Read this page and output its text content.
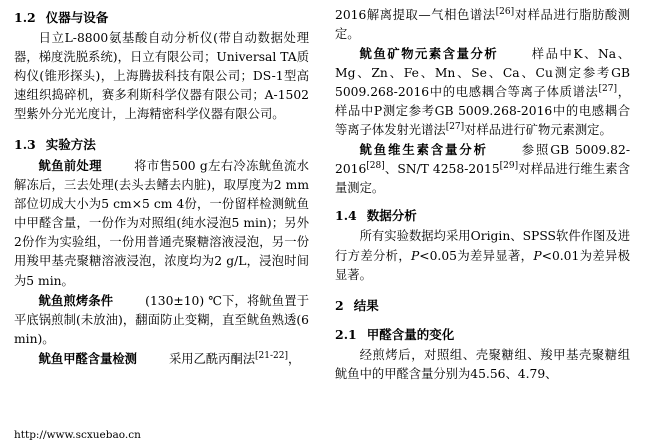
1.2 仪器与设备

日立L-8800氨基酸自动分析仪(带自动数据处理器，梯度洗脱系统)，日立有限公司；Universal TA质构仪(锥形探头)，上海腾拔科技有限公司；DS-1型高速组织捣碎机，赛多利斯科学仪器有限公司；A-1502型紫外分光光度计，上海精密科学仪器有限公司。

1.3 实验方法

鱿鱼前处理	将市售500 g左右冷冻鱿鱼流水解冻后，三去处理(去头去鳍去内脏)，取厚度为2 mm部位切成大小为5 cm×5 cm 4份，一份留样检测鱿鱼中甲醛含量，一份作为对照组(纯水浸泡5 min)；另外2份作为实验组，一份用普通壳聚糖溶液浸泡，另一份用羧甲基壳聚糖溶液浸泡，浓度均为2 g/L，浸泡时间为5 min。

鱿鱼煎烤条件	(130±10) ℃下，将鱿鱼置于平底锅煎制(未放油)，翻面防止变糊，直至鱿鱼熟透(6 min)。

鱿鱼甲醛含量检测	采用乙酰丙酮法[21-22]，

2016解离提取—气相色谱法[26]对样品进行脂肪酸测定。

鱿鱼矿物元素含量分析	样品中K、Na、Mg、Zn、Fe、Mn、Se、Ca、Cu测定参考GB 5009.268-2016中的电感耦合等离子体质谱法[27]，样品中P测定参考GB 5009.268-2016中的电感耦合等离子体发射光谱法[27]对样品进行矿物元素测定。

鱿鱼维生素含量分析	参照GB 5009.82-2016[28]、SN/T 4258-2015[29]对样品进行维生素含量测定。

1.4 数据分析

所有实验数据均采用Origin、SPSS软件作图及进行方差分析，P<0.05为差异显著，P<0.01为差异极显著。

2 结果
2.1 甲醛含量的变化

经煎烤后，对照组、壳聚糖组、羧甲基壳聚糖组鱿鱼中的甲醛含量分别为45.56、4.79、

http://www.scxuebao.cn
